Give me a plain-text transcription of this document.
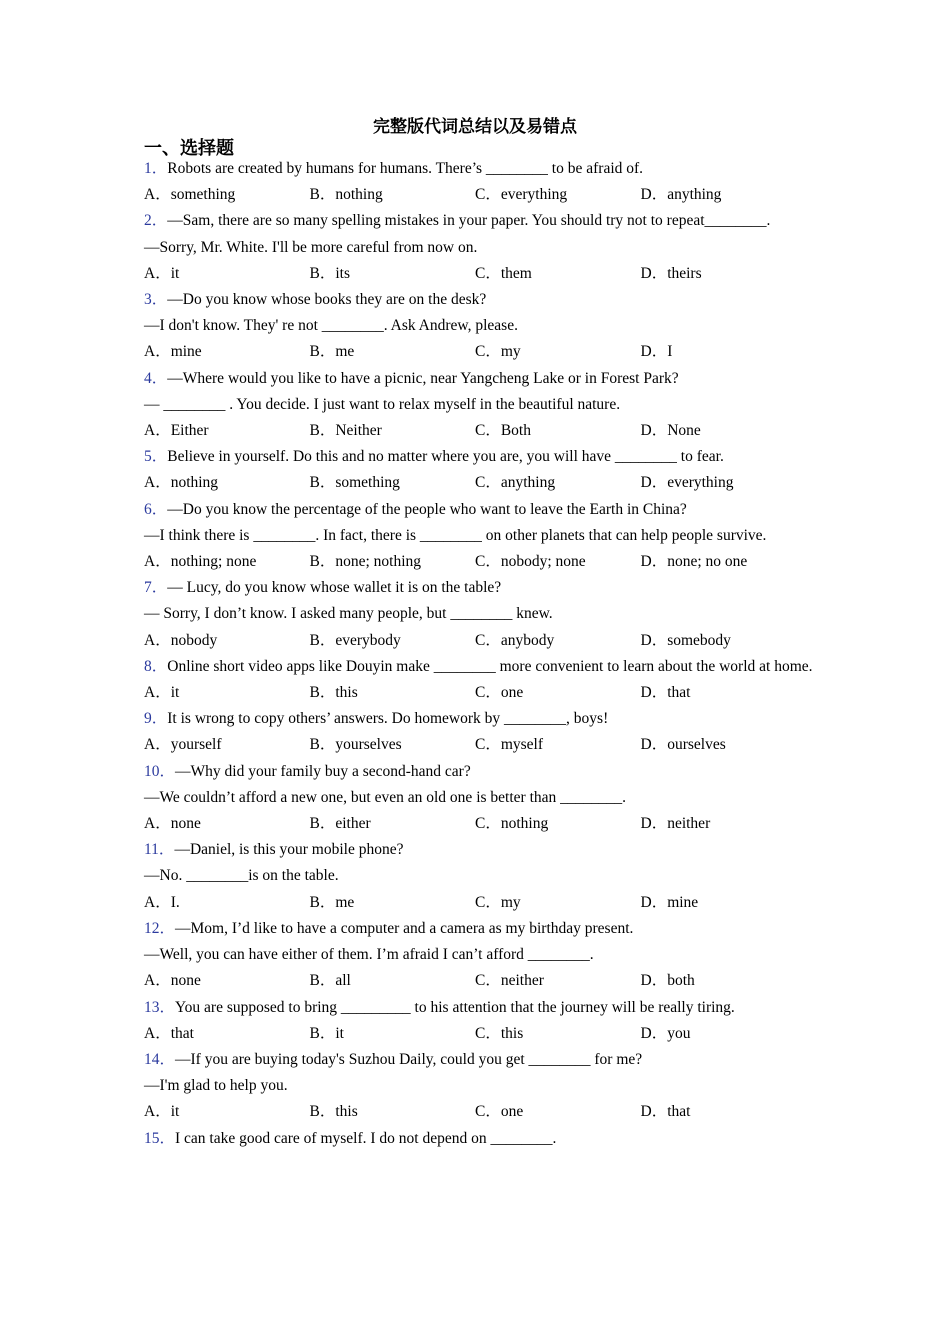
完整版代词总结以及易错点
一、选择题
1．Robots are created by humans for humans. There’s ________ to be afraid of.
A．something	B．nothing	C．everything	D．anything
2．—Sam, there are so many spelling mistakes in your paper. You should try not to repeat________.
—Sorry, Mr. White. I'll be more careful from now on.
A．it	B．its	C．them	D．theirs
3．—Do you know whose books they are on the desk?
—I don't know. They' re not ________. Ask Andrew, please.
A．mine	B．me	C．my	D．I
4．—Where would you like to have a picnic, near Yangcheng Lake or in Forest Park?
— ________ . You decide. I just want to relax myself in the beautiful nature.
A．Either	B．Neither	C．Both	D．None
5．Believe in yourself. Do this and no matter where you are, you will have ________ to fear.
A．nothing	B．something	C．anything	D．everything
6．—Do you know the percentage of the people who want to leave the Earth in China?
—I think there is ________. In fact, there is ________ on other planets that can help people survive.
A．nothing; none	B．none; nothing	C．nobody; none	D．none; no one
7．— Lucy, do you know whose wallet it is on the table?
— Sorry, I don’t know. I asked many people, but ________ knew.
A．nobody	B．everybody	C．anybody	D．somebody
8．Online short video apps like Douyin make ________ more convenient to learn about the world at home.
A．it	B．this	C．one	D．that
9．It is wrong to copy others’ answers. Do homework by ________, boys!
A．yourself	B．yourselves	C．myself	D．ourselves
10．—Why did your family buy a second-hand car?
—We couldn’t afford a new one, but even an old one is better than ________.
A．none	B．either	C．nothing	D．neither
11．—Daniel, is this your mobile phone?
—No. ________is on the table.
A．I.	B．me	C．my	D．mine
12．—Mom, I’d like to have a computer and a camera as my birthday present.
—Well, you can have either of them. I’m afraid I can’t afford ________.
A．none	B．all	C．neither	D．both
13．You are supposed to bring _________ to his attention that the journey will be really tiring.
A．that	B．it	C．this	D．you
14．—If you are buying today's Suzhou Daily, could you get ________ for me?
—I'm glad to help you.
A．it	B．this	C．one	D．that
15．I can take good care of myself. I do not depend on ________.
